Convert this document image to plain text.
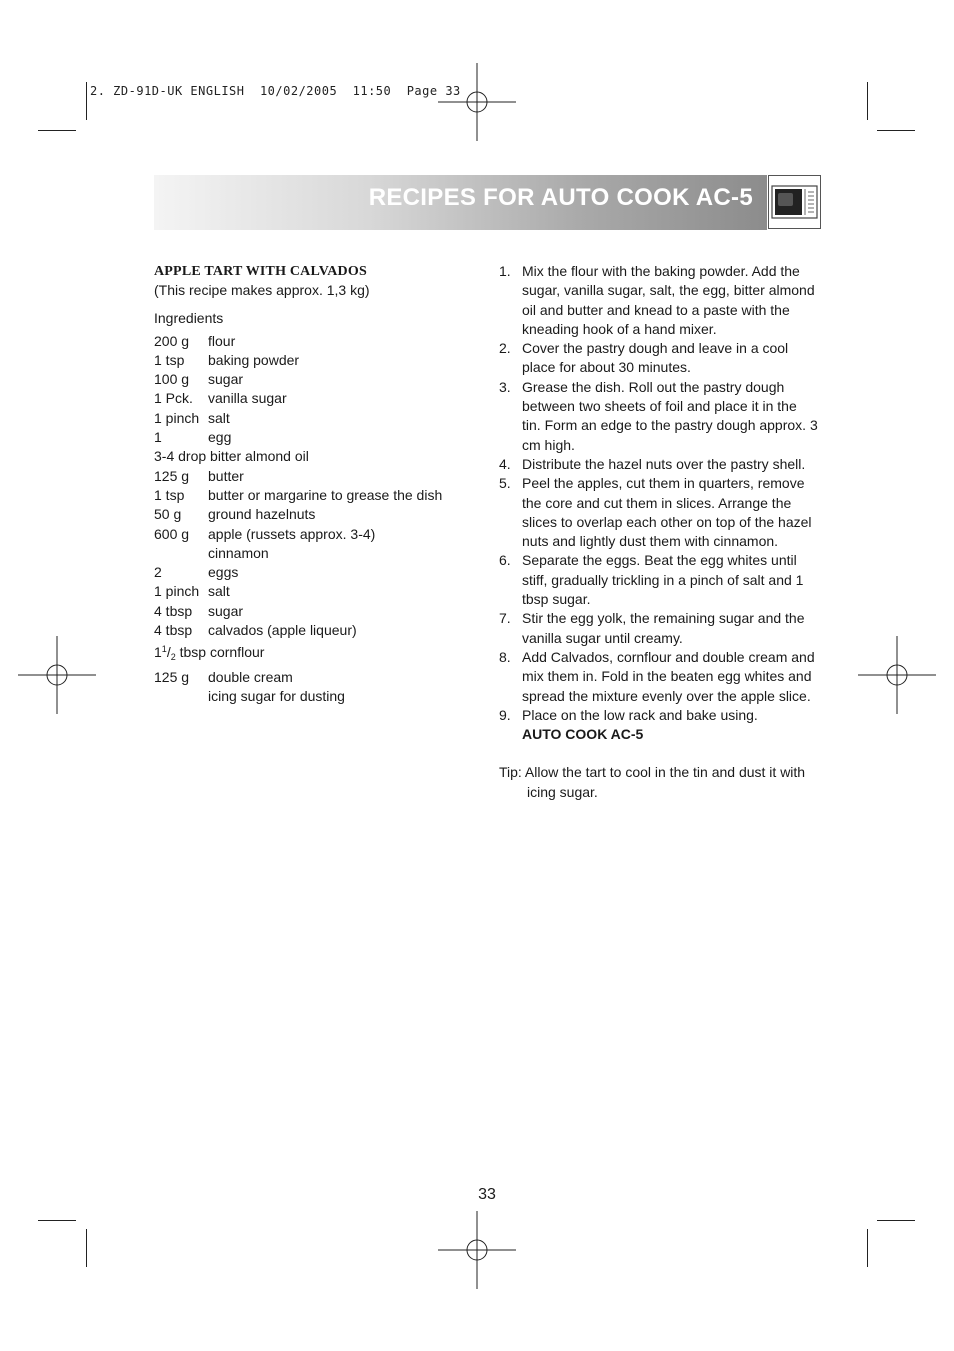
2. ZD-91D-UK ENGLISH  10/02/2005  11:50  Page 33
RECIPES FOR AUTO COOK AC-5
APPLE TART WITH CALVADOS
(This recipe makes approx. 1,3 kg)
Ingredients
200 g	flour
1 tsp	baking powder
100 g	sugar
1 Pck.	vanilla sugar
1 pinch salt
1	egg
3-4 drop bitter almond oil
125 g	butter
1 tsp	butter or margarine to grease the dish
50 g	ground hazelnuts
600 g	apple (russets approx. 3-4)
cinnamon
2	eggs
1 pinch salt
4 tbsp	sugar
4 tbsp	calvados (apple liqueur)
$1^1/_2$ tbsp cornflour
125 g	double cream
icing sugar for dusting
1. Mix the flour with the baking powder. Add the sugar, vanilla sugar, salt, the egg, bitter almond oil and butter and knead to a paste with the kneading hook of a hand mixer.
2. Cover the pastry dough and leave in a cool place for about 30 minutes.
3. Grease the dish. Roll out the pastry dough between two sheets of foil and place it in the tin. Form an edge to the pastry dough approx. 3 cm high.
4. Distribute the hazel nuts over the pastry shell.
5. Peel the apples, cut them in quarters, remove the core and cut them in slices. Arrange the slices to overlap each other on top of the hazel nuts and lightly dust them with cinnamon.
6. Separate the eggs. Beat the egg whites until stiff, gradually trickling in a pinch of salt and 1 tbsp sugar.
7. Stir the egg yolk, the remaining sugar and the vanilla sugar until creamy.
8. Add Calvados, cornflour and double cream and mix them in. Fold in the beaten egg whites and spread the mixture evenly over the apple slice.
9. Place on the low rack and bake using.
AUTO COOK AC-5
Tip: Allow the tart to cool in the tin and dust it with icing sugar.
33
